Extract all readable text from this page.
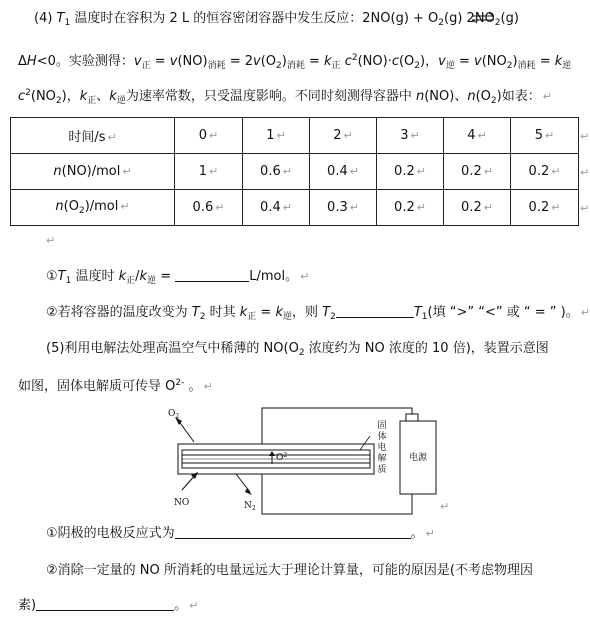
(4) $T_1$ 温度时在容积为 2 L 的恒容密闭容器中发生反应：$2NO(g) + O_2(g)$ $2NO_2(g)$
ΔH<0。实验测得：$v_正 = v(NO)_{消耗} = 2v(O_2)_{消耗} = k_正$ $c^2(NO)\cdot c(O_2)$，$v_逆 = v(NO_2)_{消耗} = k_逆$
$c^2(NO_2)$，$k_正$、$k_逆$为速率常数，只受温度影响。不同时刻测得容器中 n(NO)、$n(O_2)$如表： ↵
时间/s ↵	0 ↵	1 ↵	2 ↵	3 ↵	4 ↵	5 ↵
n(NO)/mol ↵	1 ↵	0.6 ↵	0.4 ↵	0.2 ↵	0.2 ↵	0.2 ↵
$n(O_2)$/mol ↵	0.6 ↵	0.4 ↵	0.3 ↵	0.2 ↵	0.2 ↵	0.2 ↵
↵
↵
↵
↵
$①T_1$ 温度时 $k_正/k_逆$ =	L/mol。 ↵
②若将容器的温度改变为 $T_2$ 时其 $k_正 = k_逆$，则 $T_2$	$T_1$(填 “>” “<” 或 “ = ” )。 ↵
(5)利用电解法处理高温空气中稀薄的 $NO(O_2$ 浓度约为 NO 浓度的 10 倍)，装置示意图
如图，固体电解质可传导 $O^{2-}$ 。 ↵
电源
$O^{2-}$
$O_2$
NO	$N_2$
固
体
电
解
质
↵
①阴极的电极反应式为	。 ↵
②消除一定量的 NO 所消耗的电量远远大于理论计算量，可能的原因是(不考虑物理因
素)	。 ↵
